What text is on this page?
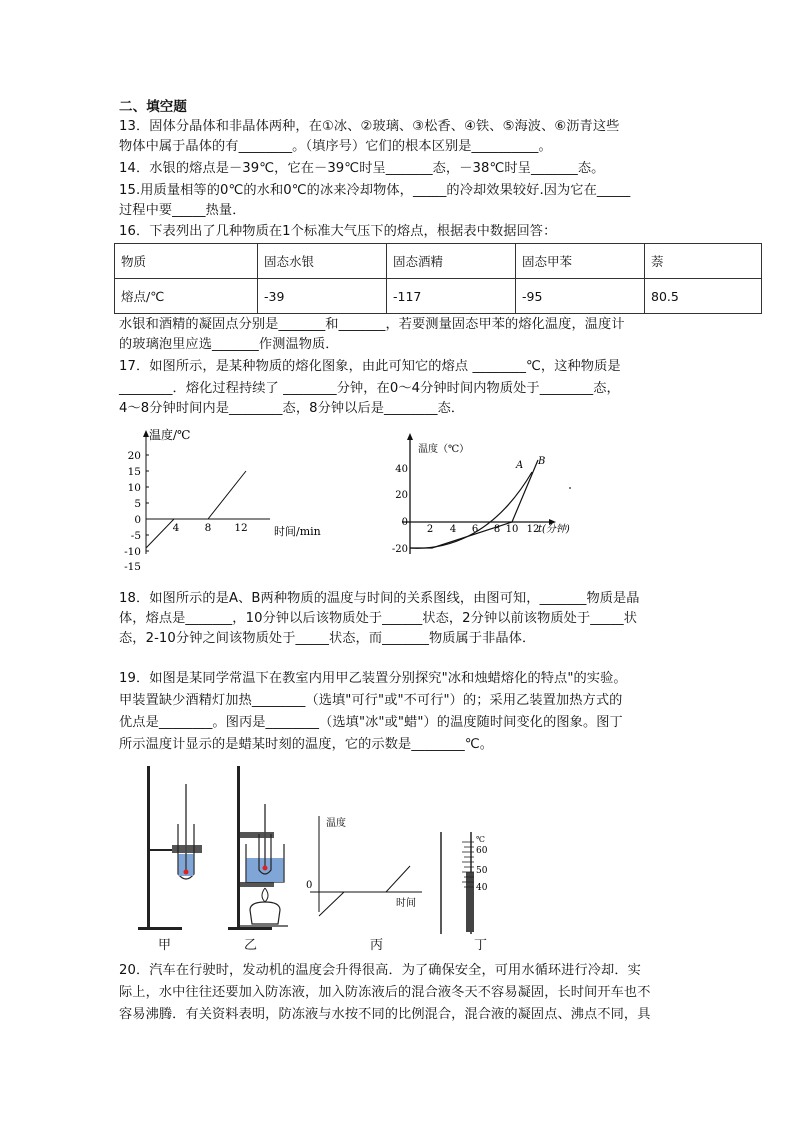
二、填空题
13．固体分晶体和非晶体两种，在①冰、②玻璃、③松香、④铁、⑤海波、⑥沥青这些
物体中属于晶体的有________。（填序号）它们的根本区别是__________。
14．水银的熔点是－39℃，它在－39℃时呈_______态，－38℃时呈_______态。
15.用质量相等的0℃的水和0℃的冰来冷却物体，_____的冷却效果较好.因为它在_____
过程中要_____热量．
16．下表列出了几种物质在1个标准大气压下的熔点，根据表中数据回答：
物质	固态水银	固态酒精	固态甲苯	萘
熔点/℃	-39	-117	-95	80.5
水银和酒精的凝固点分别是_______和_______，若要测量固态甲苯的熔化温度，温度计
的玻璃泡里应选_______作测温物质．
17．如图所示，是某种物质的熔化图象，由此可知它的熔点 ________℃，这种物质是
________．熔化过程持续了 ________分钟，在0～4分钟时间内物质处于________态，
4～8分钟时间内是________态，8分钟以后是________态．
温度/℃
时间/min
20
15
10
5
0
-5
-10
-15
4 8 12
温度（℃）
t(分钟)
40
20
0
-20
2 4 6 8 10 12
A B
18．如图所示的是A、B两种物质的温度与时间的关系图线，由图可知，_______物质是晶
体，熔点是_______，10分钟以后该物质处于______状态，2分钟以前该物质处于_____状
态，2-10分钟之间该物质处于_____状态，而_______物质属于非晶体．
19．如图是某同学常温下在教室内用甲乙装置分别探究"冰和烛蜡熔化的特点"的实验。
甲装置缺少酒精灯加热________（选填"可行"或"不可行"）的；采用乙装置加热方式的
优点是________。图丙是________（选填"冰"或"蜡"）的温度随时间变化的图象。图丁
所示温度计显示的是蜡某时刻的温度，它的示数是________℃。
温度
时间
0
℃
60
50
40
甲	乙	丙	丁
20．汽车在行驶时，发动机的温度会升得很高．为了确保安全，可用水循环进行冷却．实
际上，水中往往还要加入防冻液，加入防冻液后的混合液冬天不容易凝固，长时间开车也不
容易沸腾．有关资料表明，防冻液与水按不同的比例混合，混合液的凝固点、沸点不同，具
